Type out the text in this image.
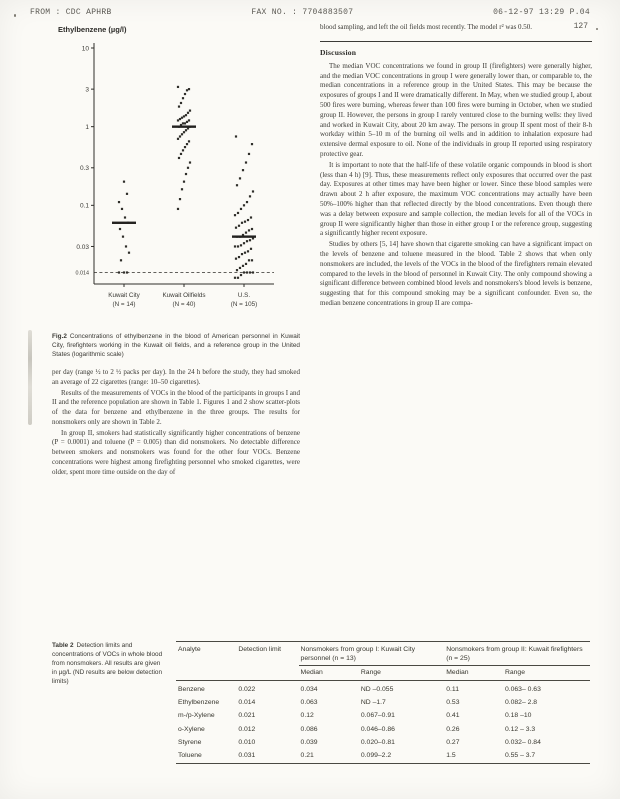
FROM : CDC APHRB	FAX NO. : 7704883507	06-12-97 13:29 P.04
127
Ethylbenzene (µg/l)
10
3
1
0.3
0.1
0.03
0.014
Kuwait City
(N = 14)
Kuwait Oilfields
(N = 40)
U.S.
(N = 105)
Fig.2 Concentrations of ethylbenzene in the blood of American personnel in Kuwait City, firefighters working in the Kuwait oil fields, and a reference group in the United States (logarithmic scale)

per day (range ½ to 2 ½ packs per day). In the 24 h before the study, they had smoked an average of 22 cigarettes (range: 10–50 cigarettes).

Results of the measurements of VOCs in the blood of the participants in groups I and II and the reference population are shown in Table 1. Figures 1 and 2 show scatter-plots of the data for benzene and ethylbenzene in the three groups. The results for nonsmokers only are shown in Table 2.

In group II, smokers had statistically significantly higher concentrations of benzene (P = 0.0001) and toluene (P = 0.005) than did nonsmokers. No detectable difference between smokers and nonsmokers was found for the other four VOCs. Benzene concentrations were highest among firefighting personnel who smoked cigarettes, were older, spent more time outside on the day of

blood sampling, and left the oil fields most recently. The model r² was 0.50.

Discussion

The median VOC concentrations we found in group II (firefighters) were generally higher, and the median VOC concentrations in group I were generally lower than, or comparable to, the median concentrations in a reference group in the United States. This may be because the exposures of groups I and II were dramatically different. In May, when we studied group I, about 500 fires were burning, whereas fewer than 100 fires were burning in October, when we studied group II. However, the persons in group I rarely ventured close to the burning wells: they lived and worked in Kuwait City, about 20 km away. The persons in group II spent most of their 8-h workday within 5–10 m of the burning oil wells and in addition to inhalation exposure had extensive dermal exposure to oil. None of the individuals in group II reported using respiratory protective gear.

It is important to note that the half-life of these volatile organic compounds in blood is short (less than 4 h) [9]. Thus, these measurements reflect only exposures that occurred over the past day. Exposures at other times may have been higher or lower. Since these blood samples were drawn about 2 h after exposure, the maximum VOC concentrations may actually have been 50%–100% higher than that reflected directly by the blood concentrations. Even though there was a delay between exposure and sample collection, the median levels for all of the VOCs in group II were significantly higher than those in either group I or the reference group, suggesting a significantly higher recent exposure.

Studies by others [5, 14] have shown that cigarette smoking can have a significant impact on the levels of benzene and toluene measured in the blood. Table 2 shows that when only nonsmokers are included, the levels of the VOCs in the blood of the firefighters remain elevated compared to the levels in the blood of personnel in Kuwait City. The only compound showing a significant difference between combined blood levels and nonsmokers's blood levels is benzene, suggesting that for this compound smoking may be a significant confounder. Even so, the median benzene concentrations in group II are compa-

Table 2 Detection limits and concentrations of VOCs in whole blood from nonsmokers. All results are given in µg/L (ND results are below detection limits)
Analyte	Detection limit	Nonsmokers from group I: Kuwait City personnel (n = 13)		Nonsmokers from group II: Kuwait firefighters (n = 25)	
		Median	Range	Median	Range
Benzene	0.022	0.034	ND –0.055	0.11	0.063– 0.63
Ethylbenzene	0.014	0.063	ND –1.7	0.53	0.082– 2.8
m-/p-Xylene	0.021	0.12	0.067–0.91	0.41	0.18 –10
o-Xylene	0.012	0.086	0.046–0.86	0.26	0.12 – 3.3
Styrene	0.010	0.039	0.020–0.81	0.27	0.032– 0.84
Toluene	0.031	0.21	0.099–2.2	1.5	0.55 – 3.7
